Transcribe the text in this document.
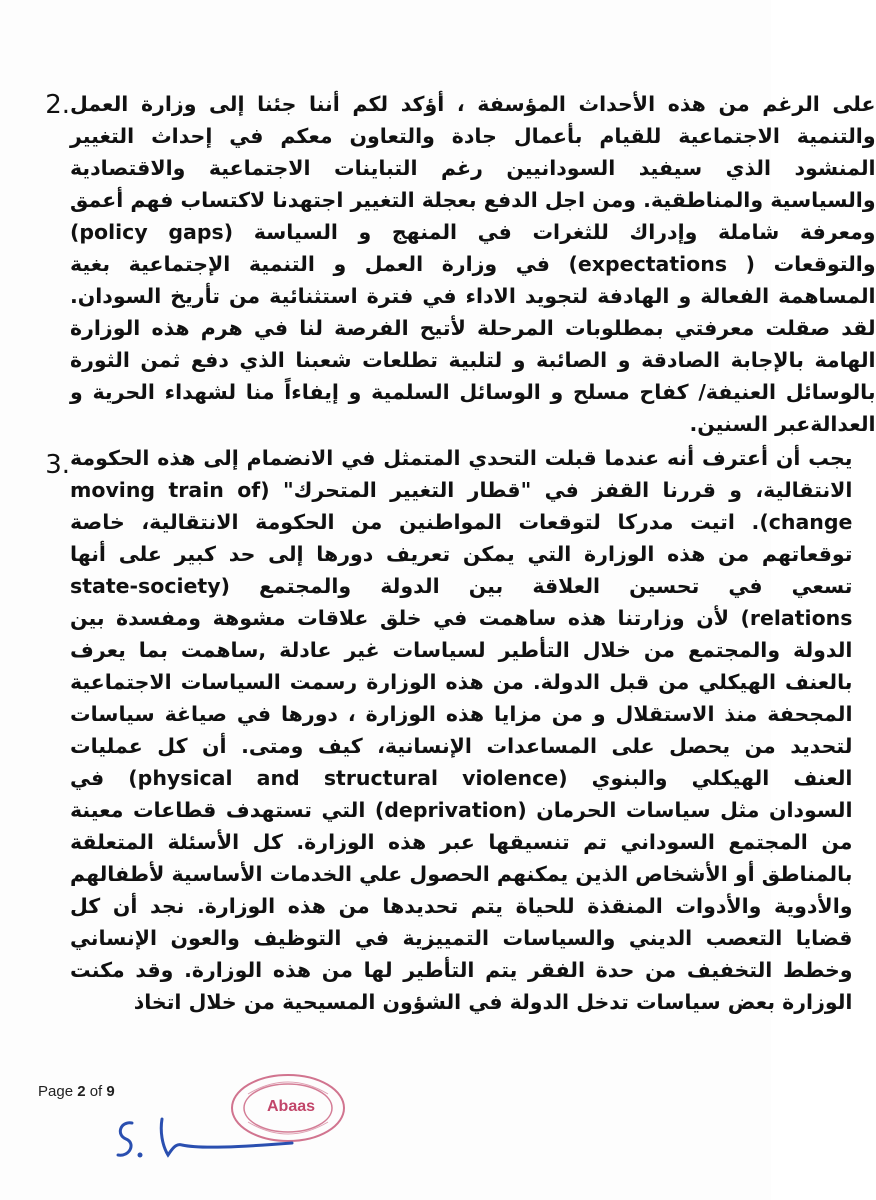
2. على الرغم من هذه الأحداث المؤسفة ، أؤكد لكم أننا جئنا إلى وزارة العمل
والتنمية الاجتماعية للقيام بأعمال جادة والتعاون معكم في إحداث التغيير
المنشود الذي سيفيد السودانيين رغم التباينات الاجتماعية والاقتصادية
والسياسية والمناطقية. ومن اجل الدفع بعجلة التغيير اجتهدنا لاكتساب فهم أعمق
ومعرفة شاملة وإدراك للثغرات في المنهج و السياسة (policy gaps)
والتوقعات ( expectations) في وزارة العمل و التنمية الإجتماعية بغية
المساهمة الفعالة و الهادفة لتجويد الاداء في فترة استثنائية من تأريخ السودان.
لقد صقلت معرفتي بمطلوبات المرحلة لأتيح الفرصة لنا في هرم هذه الوزارة
الهامة بالإجابة الصادقة و الصائبة و لتلبية تطلعات شعبنا الذي دفع ثمن الثورة
بالوسائل العنيفة/ كفاح مسلح و الوسائل السلمية و إيفاءاً منا لشهداء الحرية و
العدالةعبر السنين.
3. يجب أن أعترف أنه عندما قبلت التحدي المتمثل في الانضمام إلى هذه الحكومة
الانتقالية، و قررنا القفز في "قطار التغيير المتحرك" (moving train of
change). اتيت مدركا لتوقعات المواطنين من الحكومة الانتقالية، خاصة
توقعاتهم من هذه الوزارة التي يمكن تعريف دورها إلى حد كبير على أنها
تسعي في تحسين العلاقة بين الدولة والمجتمع (state-society
relations) لأن وزارتنا هذه ساهمت في خلق علاقات مشوهة ومفسدة بين
الدولة والمجتمع من خلال التأطير لسياسات غير عادلة ,ساهمت بما يعرف
بالعنف الهيكلي من قبل الدولة. من هذه الوزارة رسمت السياسات الاجتماعية
المجحفة منذ الاستقلال و من مزايا هذه الوزارة ، دورها في صياغة سياسات
لتحديد من يحصل على المساعدات الإنسانية، كيف ومتى. أن كل عمليات
العنف الهيكلي والبنوي (physical and structural violence) في
السودان مثل سياسات الحرمان (deprivation) التي تستهدف قطاعات معينة
من المجتمع السوداني تم تنسيقها عبر هذه الوزارة. كل الأسئلة المتعلقة
بالمناطق أو الأشخاص الذين يمكنهم الحصول علي الخدمات الأساسية لأطفالهم
والأدوية والأدوات المنقذة للحياة يتم تحديدها من هذه الوزارة. نجد أن كل
قضايا التعصب الديني والسياسات التمييزية في التوظيف والعون الإنساني
وخطط التخفيف من حدة الفقر يتم التأطير لها من هذه الوزارة. وقد مكنت
الوزارة بعض سياسات تدخل الدولة في الشؤون المسيحية من خلال اتخاذ
Page 2 of 9
Abaas
